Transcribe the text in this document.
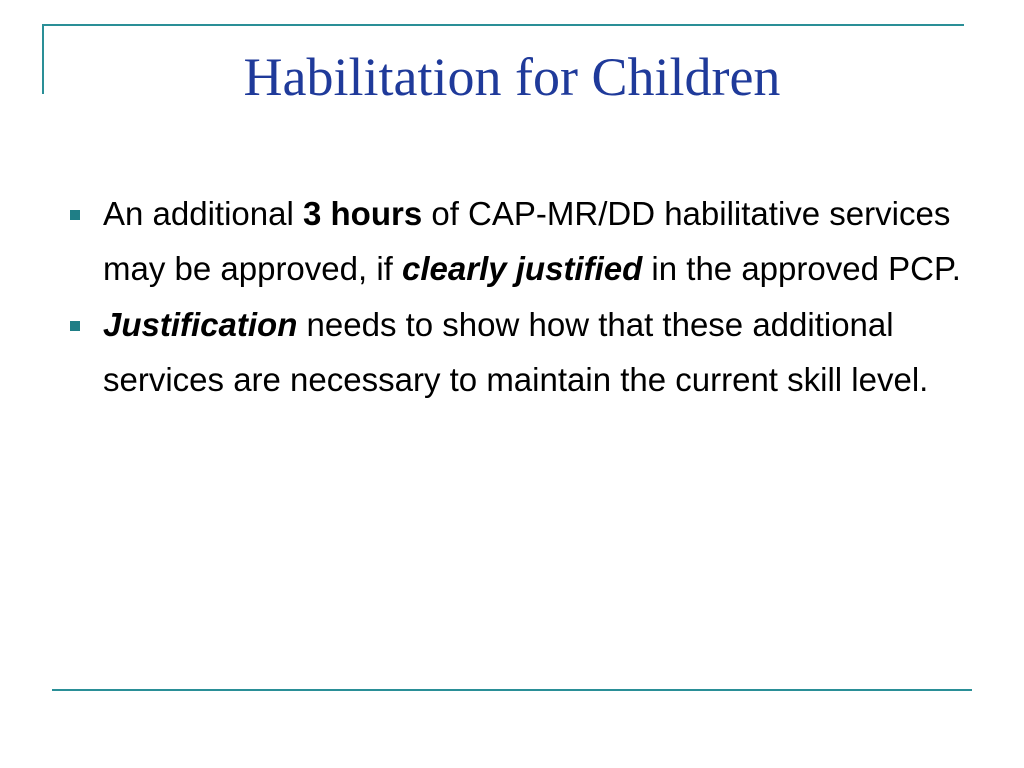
Habilitation for Children
An additional 3 hours of CAP-MR/DD habilitative services may be approved, if clearly justified in the approved PCP.
Justification needs to show how that these additional services are necessary to maintain the current skill level.
